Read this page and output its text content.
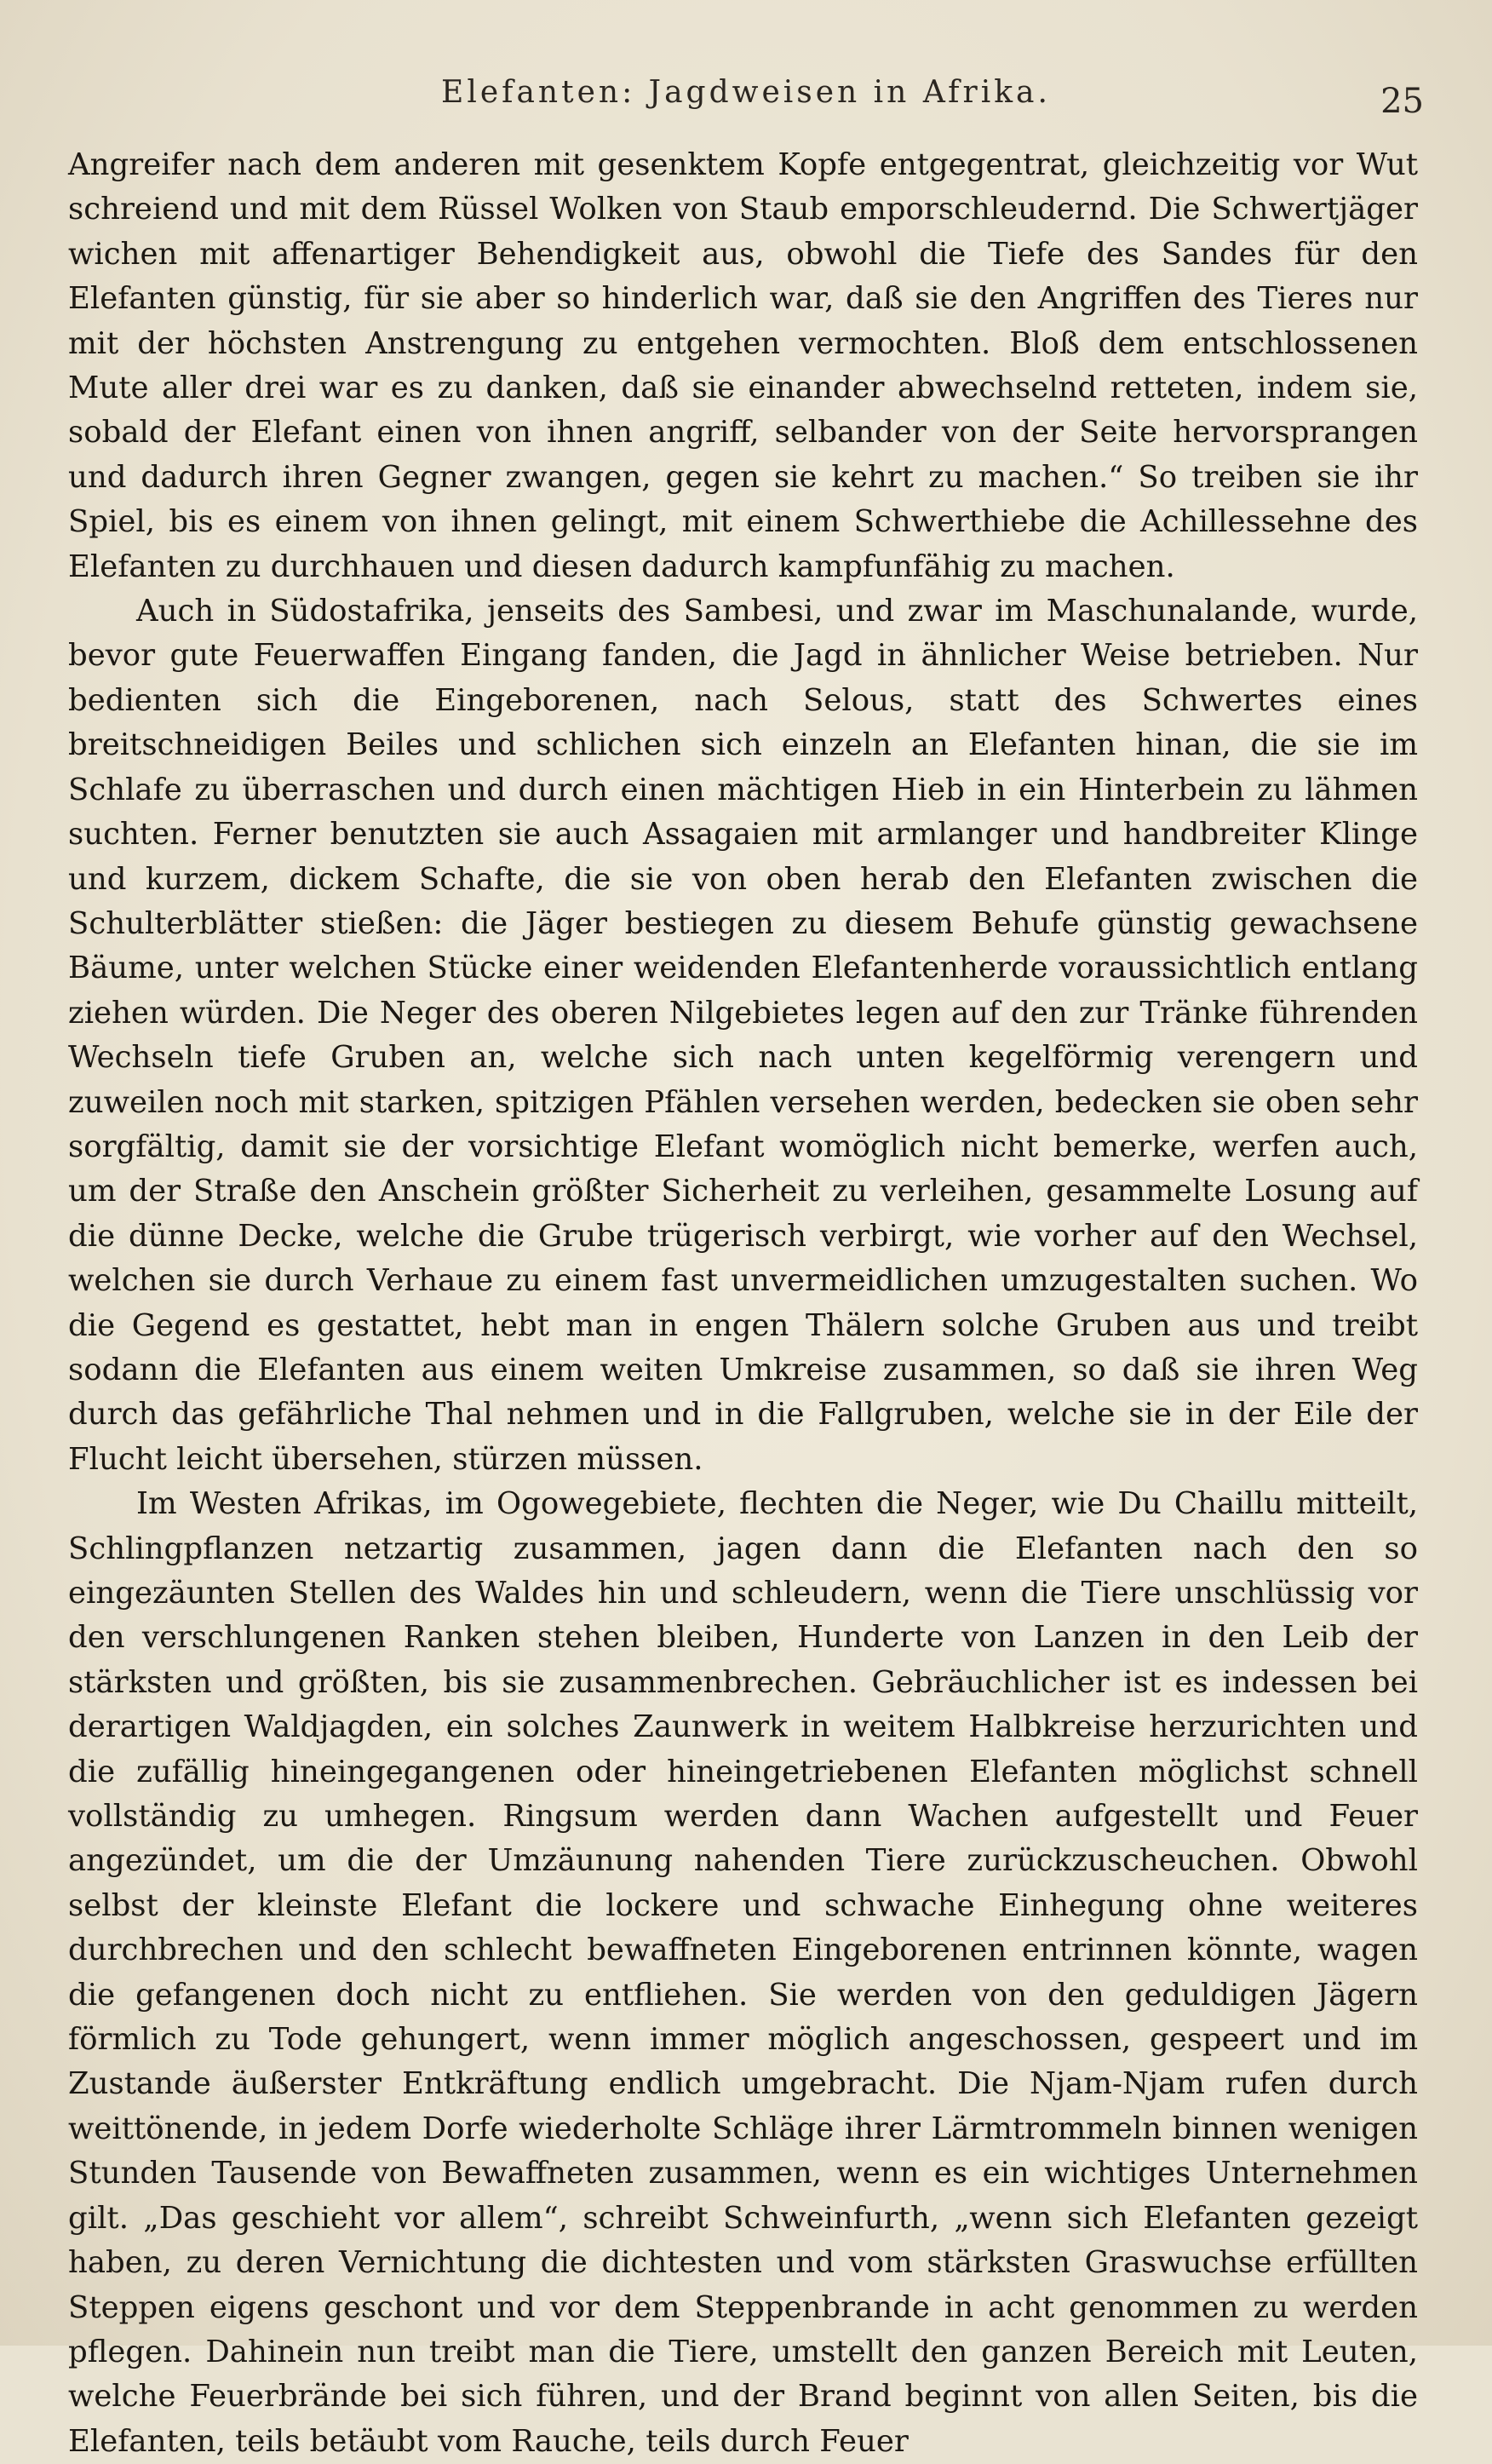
Elefanten: Jagdweisen in Afrika.	25

Angreifer nach dem anderen mit gesenktem Kopfe entgegentrat, gleichzeitig vor Wut schreiend und mit dem Rüssel Wolken von Staub emporschleudernd. Die Schwertjäger wichen mit affenartiger Behendigkeit aus, obwohl die Tiefe des Sandes für den Elefanten günstig, für sie aber so hinderlich war, daß sie den Angriffen des Tieres nur mit der höchsten Anstrengung zu entgehen vermochten. Bloß dem entschlossenen Mute aller drei war es zu danken, daß sie einander abwechselnd retteten, indem sie, sobald der Elefant einen von ihnen angriff, selbander von der Seite hervorsprangen und dadurch ihren Gegner zwangen, gegen sie kehrt zu machen.“ So treiben sie ihr Spiel, bis es einem von ihnen gelingt, mit einem Schwerthiebe die Achillessehne des Elefanten zu durchhauen und diesen dadurch kampfunfähig zu machen.

Auch in Südostafrika, jenseits des Sambesi, und zwar im Maschunalande, wurde, bevor gute Feuerwaffen Eingang fanden, die Jagd in ähnlicher Weise betrieben. Nur bedienten sich die Eingeborenen, nach Selous, statt des Schwertes eines breitschneidigen Beiles und schlichen sich einzeln an Elefanten hinan, die sie im Schlafe zu überraschen und durch einen mächtigen Hieb in ein Hinterbein zu lähmen suchten. Ferner benutzten sie auch Assagaien mit armlanger und handbreiter Klinge und kurzem, dickem Schafte, die sie von oben herab den Elefanten zwischen die Schulterblätter stießen: die Jäger bestiegen zu diesem Behufe günstig gewachsene Bäume, unter welchen Stücke einer weidenden Elefantenherde voraussichtlich entlang ziehen würden. Die Neger des oberen Nilgebietes legen auf den zur Tränke führenden Wechseln tiefe Gruben an, welche sich nach unten kegelförmig verengern und zuweilen noch mit starken, spitzigen Pfählen versehen werden, bedecken sie oben sehr sorgfältig, damit sie der vorsichtige Elefant womöglich nicht bemerke, werfen auch, um der Straße den Anschein größter Sicherheit zu verleihen, gesammelte Losung auf die dünne Decke, welche die Grube trügerisch verbirgt, wie vorher auf den Wechsel, welchen sie durch Verhaue zu einem fast unvermeidlichen umzugestalten suchen. Wo die Gegend es gestattet, hebt man in engen Thälern solche Gruben aus und treibt sodann die Elefanten aus einem weiten Umkreise zusammen, so daß sie ihren Weg durch das gefährliche Thal nehmen und in die Fallgruben, welche sie in der Eile der Flucht leicht übersehen, stürzen müssen.

Im Westen Afrikas, im Ogowegebiete, flechten die Neger, wie Du Chaillu mitteilt, Schlingpflanzen netzartig zusammen, jagen dann die Elefanten nach den so eingezäunten Stellen des Waldes hin und schleudern, wenn die Tiere unschlüssig vor den verschlungenen Ranken stehen bleiben, Hunderte von Lanzen in den Leib der stärksten und größten, bis sie zusammenbrechen. Gebräuchlicher ist es indessen bei derartigen Waldjagden, ein solches Zaunwerk in weitem Halbkreise herzurichten und die zufällig hineingegangenen oder hineingetriebenen Elefanten möglichst schnell vollständig zu umhegen. Ringsum werden dann Wachen aufgestellt und Feuer angezündet, um die der Umzäunung nahenden Tiere zurückzuscheuchen. Obwohl selbst der kleinste Elefant die lockere und schwache Einhegung ohne weiteres durchbrechen und den schlecht bewaffneten Eingeborenen entrinnen könnte, wagen die gefangenen doch nicht zu entfliehen. Sie werden von den geduldigen Jägern förmlich zu Tode gehungert, wenn immer möglich angeschossen, gespeert und im Zustande äußerster Entkräftung endlich umgebracht. Die Njam-Njam rufen durch weittönende, in jedem Dorfe wiederholte Schläge ihrer Lärmtrommeln binnen wenigen Stunden Tausende von Bewaffneten zusammen, wenn es ein wichtiges Unternehmen gilt. „Das geschieht vor allem“, schreibt Schweinfurth, „wenn sich Elefanten gezeigt haben, zu deren Vernichtung die dichtesten und vom stärksten Graswuchse erfüllten Steppen eigens geschont und vor dem Steppenbrande in acht genommen zu werden pflegen. Dahinein nun treibt man die Tiere, umstellt den ganzen Bereich mit Leuten, welche Feuerbrände bei sich führen, und der Brand beginnt von allen Seiten, bis die Elefanten, teils betäubt vom Rauche, teils durch Feuer
